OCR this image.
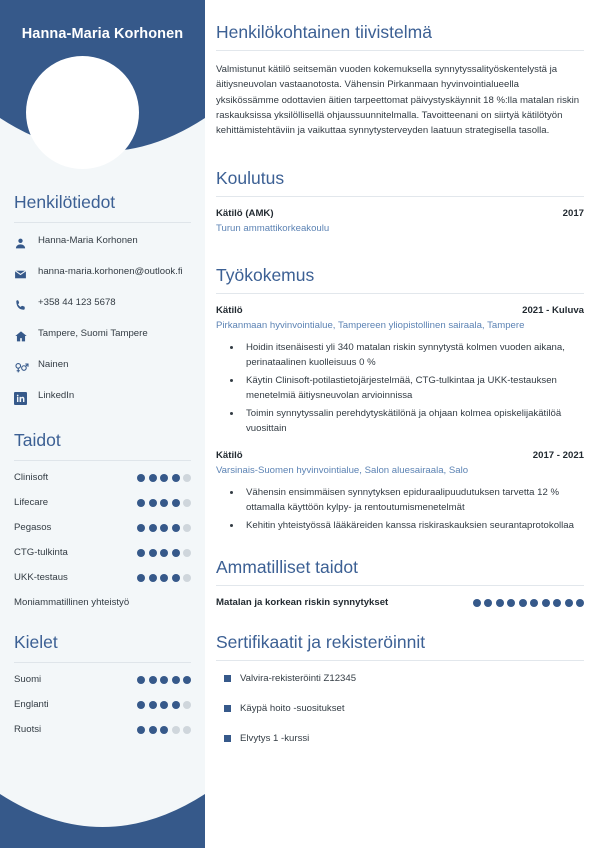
Hanna-Maria Korhonen
Henkilötiedot
Hanna-Maria Korhonen
hanna-maria.korhonen@outlook.fi
+358 44 123 5678
Tampere, Suomi Tampere
Nainen
LinkedIn
Taidot
Clinisoft
Lifecare
Pegasos
CTG-tulkinta
UKK-testaus
Moniammatillinen yhteistyö
Kielet
Suomi
Englanti
Ruotsi
Henkilökohtainen tiivistelmä

Valmistunut kätilö seitsemän vuoden kokemuksella synnytyssalityöskentelystä ja äitiysneuvolan vastaanotosta. Vähensin Pirkanmaan hyvinvointialueella yksikössämme odottavien äitien tarpeettomat päivystyskäynnit 18 %:lla matalan riskin raskauksissa yksilöllisellä ohjaussuunnitelmalla. Tavoitteenani on siirtyä kätilötyön kehittämistehtäviin ja vaikuttaa synnytysterveyden laatuun strategisella tasolla.

Koulutus
Kätilö (AMK)	2017
Turun ammattikorkeakoulu
Työkokemus
Kätilö	2021 - Kuluva
Pirkanmaan hyvinvointialue, Tampereen yliopistollinen sairaala, Tampere
• Hoidin itsenäisesti yli 340 matalan riskin synnytystä kolmen vuoden aikana, perinataalinen kuolleisuus 0 %
• Käytin Clinisoft-potilastietojärjestelmää, CTG-tulkintaa ja UKK-testauksen menetelmiä äitiysneuvolan arvioinnissa
• Toimin synnytyssalin perehdytyskätilönä ja ohjaan kolmea opiskelijakätilöä vuosittain
Kätilö	2017 - 2021
Varsinais-Suomen hyvinvointialue, Salon aluesairaala, Salo
• Vähensin ensimmäisen synnytyksen epiduraalipuudutuksen tarvetta 12 % ottamalla käyttöön kylpy- ja rentoutumismenetelmät
• Kehitin yhteistyössä lääkäreiden kanssa riskiraskauksien seurantaprotokollaa
Ammatilliset taidot
Matalan ja korkean riskin synnytykset
Sertifikaatit ja rekisteröinnit
Valvira-rekisteröinti Z12345
Käypä hoito -suositukset
Elvytys 1 -kurssi
